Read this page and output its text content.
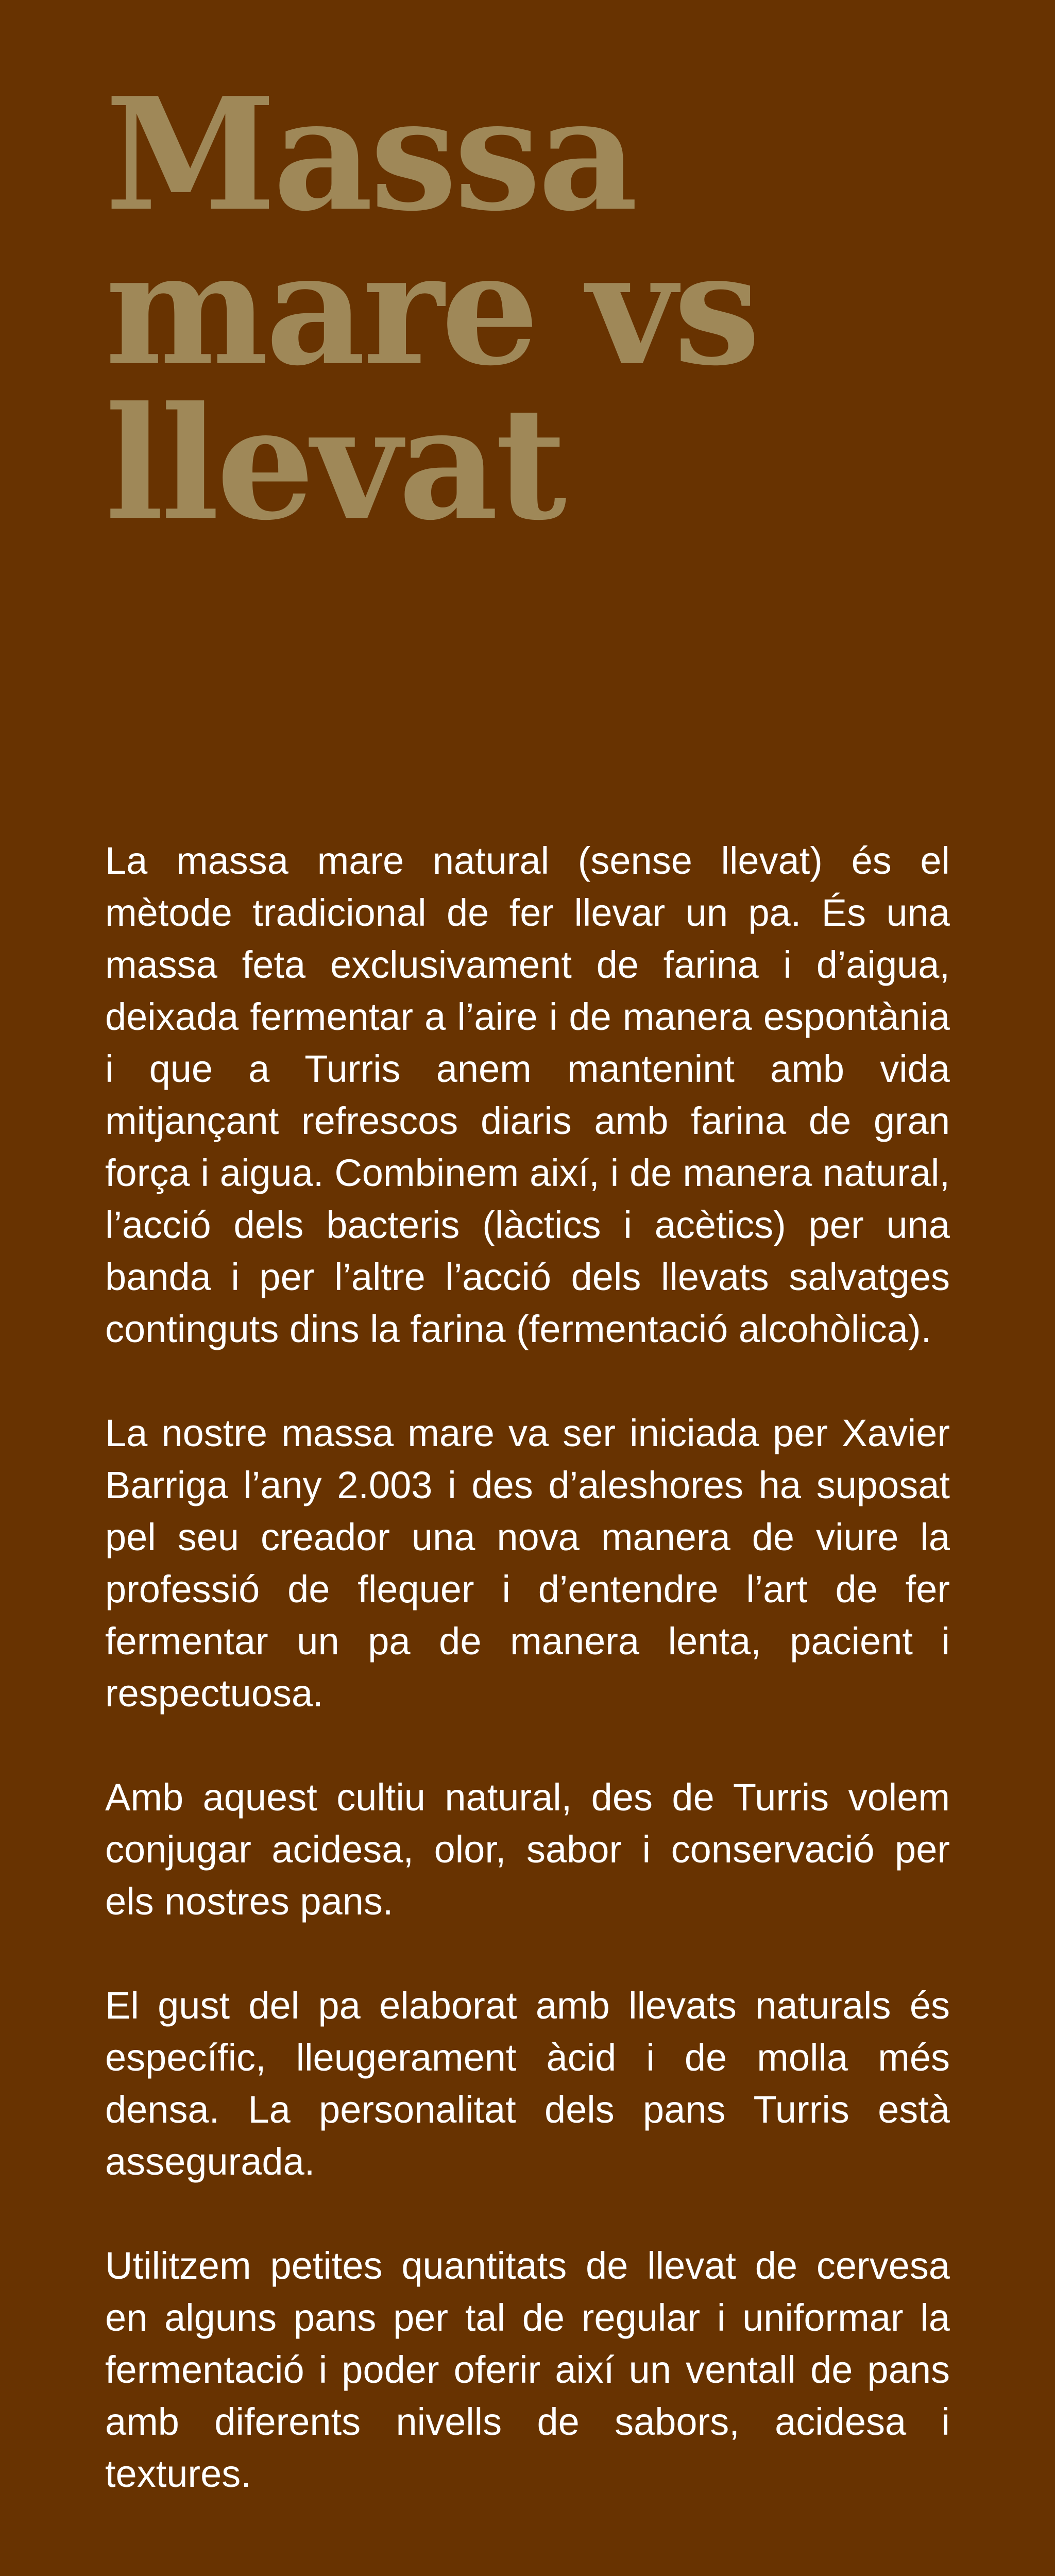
Massa
mare vs
llevat

La massa mare natural (sense llevat) és el mètode tradicional de fer llevar un pa. És una massa feta exclusivament de farina i d’aigua, deixada fermentar a l’aire i de manera espontània i que a Turris anem mantenint amb vida mitjançant refrescos diaris amb farina de gran força i aigua. Combinem així, i de manera natural, l’acció dels bacteris (làctics i acètics) per una banda i per l’altre l’acció dels llevats salvatges continguts dins la farina (fermentació alcohòlica).

La nostre massa mare va ser iniciada per Xavier Barriga l’any 2.003 i des d’aleshores ha suposat pel seu creador una nova manera de viure la professió de flequer i d’entendre l’art de fer fermentar un pa de manera lenta, pacient i respectuosa.

Amb aquest cultiu natural, des de Turris volem conjugar acidesa, olor, sabor i conservació per els nostres pans.

El gust del pa elaborat amb llevats naturals és específic, lleugerament àcid i de molla més densa. La personalitat dels pans Turris està assegurada.

Utilitzem petites quantitats de llevat de cervesa en alguns pans per tal de regular i uniformar la fermentació i poder oferir així un ventall de pans amb diferents nivells de sabors, acidesa i textures.
